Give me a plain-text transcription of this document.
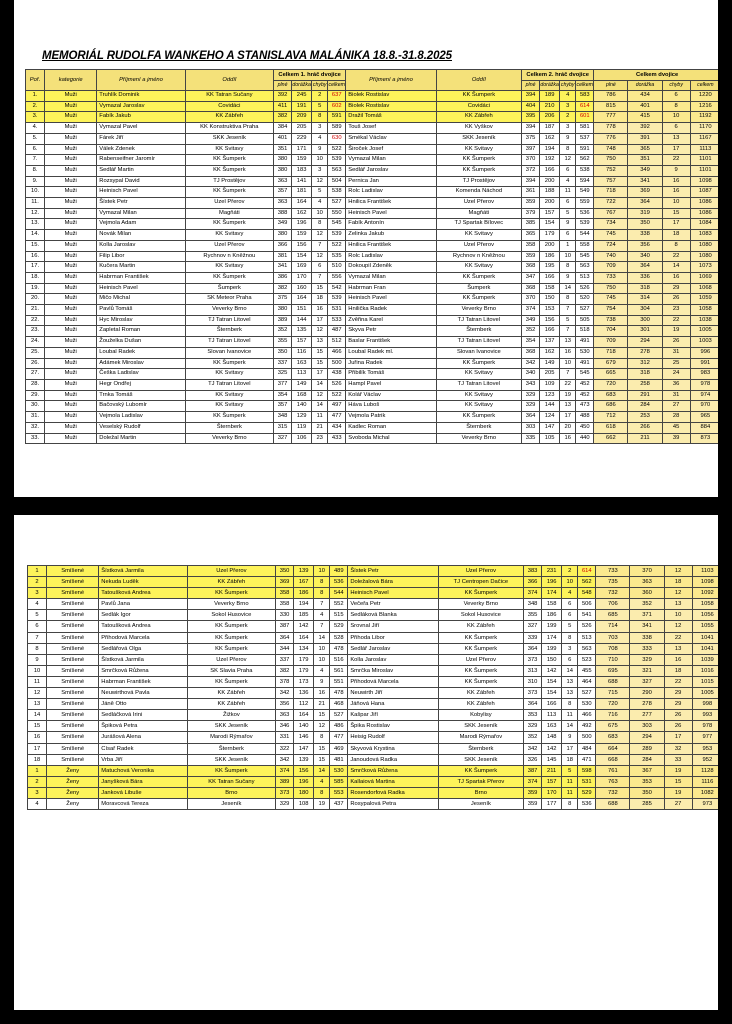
MEMORIÁL RUDOLFA WANKEHO A STANISLAVA MALÁNIKA 18.8.-31.8.2025
Poř.	kategorie	Příjmení a jméno	Oddíl	Celkem 1. hráč dvojice				Příjmení a jméno	Oddíl	Celkem 2. hráč dvojice				Celkem dvojice			
				plné	dorážka	chyby	celkem			plné	dorážka	chyby	celkem	plné	dorážka	chyby	celkem
1.	Muži	Truhlík Dominik	KK Tatran Sučany	392	245	2	637	Biolek Rostislav	KK Šumperk	394	189	4	583	786	434	6	1220
2.	Muži	Vymazal Jaroslav	Covidáci	411	191	5	602	Biolek Rostislav	Covidáci	404	210	3	614	815	401	8	1216
3.	Muži	Fabík Jakub	KK Zábřeh	382	209	8	591	Dražil Tomáš	KK Zábřeh	395	206	2	601	777	415	10	1192
4.	Muži	Vymazal Pavel	KK Konstruktiva Praha	384	205	3	589	Touš Josef	KK Vyškov	394	187	3	581	778	392	6	1170
5.	Muži	Fárek Jiří	SKK Jeseník	401	229	4	630	Smékal Václav	SKK Jeseník	375	162	9	537	776	391	13	1167
6.	Muži	Válek Zdenek	KK Svitavy	351	171	9	522	Široček Josef	KK Svitavy	397	194	8	591	748	365	17	1113
7.	Muži	Rabenseifner Jaromír	KK Šumperk	380	159	10	539	Vymazal Milan	KK Šumperk	370	192	12	562	750	351	22	1101
8.	Muži	Sedlář Martin	KK Šumperk	380	183	3	563	Sedlář Jaroslav	KK Šumperk	372	166	6	538	752	349	9	1101
9.	Muži	Rozsypal David	TJ Prostějov	363	141	12	504	Pernica Jan	TJ Prostějov	394	200	4	594	757	341	16	1098
10.	Muži	Heinisch Pavel	KK Šumperk	357	181	5	538	Rolc Ladislav	Komenda Náchod	361	188	11	549	718	369	16	1087
11.	Muži	Šístek Petr	Uzel Přerov	363	164	4	527	Hnilica František	Uzel Přerov	359	200	6	559	722	364	10	1086
12.	Muži	Vymazal Milan	Magňáti	388	162	10	550	Heinisch Pavel	Magňáti	379	157	5	536	767	319	15	1086
13.	Muži	Vejmola Adam	KK Šumperk	349	196	8	545	Fabík Antonín	TJ Spartak Bílovec	385	154	9	539	734	350	17	1084
14.	Muži	Novák Milan	KK Svitavy	380	159	12	539	Zelinka Jakub	KK Svitavy	365	179	6	544	745	338	18	1083
15.	Muži	Kolla Jaroslav	Uzel Přerov	366	156	7	522	Hnilica František	Uzel Přerov	358	200	1	558	724	356	8	1080
16.	Muži	Filip Libor	Rychnov n Kněžnou	381	154	12	535	Rolc Ladislav	Rychnov n Kněžnou	359	186	10	545	740	340	22	1080
17.	Muži	Kučera Martin	KK Svitavy	341	169	6	510	Dokoupil Zdeněk	KK Svitavy	368	195	8	563	709	364	14	1073
18.	Muži	Habrman František	KK Šumperk	386	170	7	556	Vymazal Milan	KK Šumperk	347	166	9	513	733	336	16	1069
19.	Muži	Heinisch Pavel	Šumperk	382	160	15	542	Habrman Fran	Šumperk	368	158	14	526	750	318	29	1068
20.	Muži	Mičo Michal	SK Meteor Praha	375	164	18	539	Heinisch Pavel	KK Šumperk	370	150	8	520	745	314	26	1059
21.	Muži	Pavlů Tomáš	Veverky Brno	380	151	16	531	Hnilička Radek	Veverky Brno	374	153	7	527	754	304	23	1058
22.	Muži	Hyc Miroslav	TJ Tatran Litovel	389	144	17	533	Zvěřina Karel	TJ Tatran Litovel	349	156	5	505	738	300	22	1038
23.	Muži	Zapletal Roman	Šternberk	352	135	12	487	Skyva Petr	Šternberk	352	166	7	518	704	301	19	1005
24.	Muži	Žouželka Dušan	TJ Tatran Litovel	355	157	13	512	Baslar František	TJ Tatran Litovel	354	137	13	491	709	294	26	1003
25.	Muži	Loubal Radek	Slovan Ivanovice	350	116	15	466	Loubal Radek ml.	Slovan Ivanovice	368	162	16	530	718	278	31	996
26.	Muži	Adámek Miroslav	KK Šumperk	337	163	15	500	Juřina Radek	KK Šumperk	342	149	10	491	679	312	25	991
27.	Muži	Češka Ladislav	KK Svitavy	325	113	17	438	Přibilík Tomáš	KK Svitavy	340	205	7	545	665	318	24	983
28.	Muži	Hegr Ondřej	TJ Tatran Litovel	377	149	14	526	Hampl Pavel	TJ Tatran Litovel	343	109	22	452	720	258	36	978
29.	Muži	Trnka Tomáš	KK Svitavy	354	168	12	522	Kolář Václav	KK Svitavy	329	123	19	452	683	291	31	974
30.	Muži	Bačovský Lubomír	KK Svitavy	357	140	14	497	Háva Luboš	KK Svitavy	329	144	13	473	686	284	27	970
31.	Muži	Vejmola Ladislav	KK Šumperk	348	129	11	477	Vejmola Patrik	KK Šumperk	364	124	17	488	712	253	28	965
32.	Muži	Veselský Rudolf	Šternberk	315	119	21	434	Kadlec Roman	Šternberk	303	147	20	450	618	266	45	884
33.	Muži	Doležal Martin	Veverky Brno	327	106	23	433	Svoboda Michal	Veverky Brno	335	105	16	440	662	211	39	873
1	Smíšené	Šístková Jarmila	Uzel Přerov	350	139	10	489	Šístek Petr	Uzel Přerov	383	231	2	614	733	370	12	1103
2	Smíšené	Nekuda Luděk	KK Zábřeh	369	167	8	536	Doležalová Bára	TJ Centropen Dačice	366	196	10	562	735	363	18	1098
3	Smíšené	Tatoušková Andrea	KK Šumperk	358	186	8	544	Heinisch Pavel	KK Šumperk	374	174	4	548	732	360	12	1092
4	Smíšené	Pavlů Jana	Veverky Brno	358	194	7	552	Večeřa Petr	Veverky Brno	348	158	6	506	706	352	13	1058
5	Smíšené	Sedlák Igor	Sokol Husovice	330	185	4	515	Sedláková Blanka	Sokol Husovice	355	186	6	541	685	371	10	1056
6	Smíšené	Tatoušková Andrea	KK Šumperk	387	142	7	529	Srovnal Jiří	KK Zábřeh	327	199	5	526	714	341	12	1055
7	Smíšené	Přihodová Marcela	KK Šumperk	364	164	14	528	Přihoda Libor	KK Šumperk	339	174	8	513	703	338	22	1041
8	Smíšené	Sedlářová Olga	KK Šumperk	344	134	10	478	Sedlář Jaroslav	KK Šumperk	364	199	3	563	708	333	13	1041
9	Smíšené	Šístková Jarmila	Uzel Přerov	337	179	10	516	Kolla Jaroslav	Uzel Přerov	373	150	6	523	710	329	16	1039
10	Smíšené	Smrčková Růžena	SK Slavia Praha	382	179	4	561	Smrčka Miroslav	KK Šumperk	313	142	14	455	695	321	18	1016
11	Smíšené	Habrman František	KK Šumperk	378	173	9	551	Přihodová Marcela	KK Šumperk	310	154	13	464	688	327	22	1015
12	Smíšené	Neuwirthová Pavla	KK Zábřeh	342	136	16	478	Neuwirth Jiří	KK Zábřeh	373	154	13	527	715	290	29	1005
13	Smíšené	Jáně Otto	KK Zábřeh	356	112	21	468	Jáňová Hana	KK Zábřeh	364	166	8	530	720	278	29	998
14	Smíšené	Sedláčková Irini	Žižkov	363	164	15	527	Kašpar Jiří	Kobylisy	353	113	11	466	716	277	26	993
15	Smíšené	Špiková Petra	SKK Jeseník	346	140	12	486	Špika Rostislav	SKK Jeseník	329	163	14	492	675	303	26	978
16	Smíšené	Jurášová Alena	Marodi Rýmařov	331	146	8	477	Heisig Rudolf	Marodi Rýmařov	352	148	9	500	683	294	17	977
17	Smíšené	Císař Radek	Šternberk	322	147	15	469	Skyvová Krystina	Šternberk	342	142	17	484	664	289	32	953
18	Smíšené	Vrba Jiří	SKK Jeseník	342	139	15	481	Janoudová Radka	SKK Jeseník	326	145	18	471	668	284	33	952
1	Ženy	Matuchová Veronika	KK Šumperk	374	156	14	530	Smrčková Růžena	KK Šumperk	387	211	5	598	761	367	19	1128
2	Ženy	Janyšková Bára	KK Tatran Sučany	389	196	4	585	Kallaiová Martina	TJ Spartak Přerov	374	157	11	531	763	353	15	1116
3	Ženy	Janková Libuše	Brno	373	180	8	553	Rosendorfová Radka	Brno	359	170	11	529	732	350	19	1082
4	Ženy	Moravcová Tereza	Jeseník	329	108	19	437	Rosypalová Petra	Jeseník	359	177	8	536	688	285	27	973
